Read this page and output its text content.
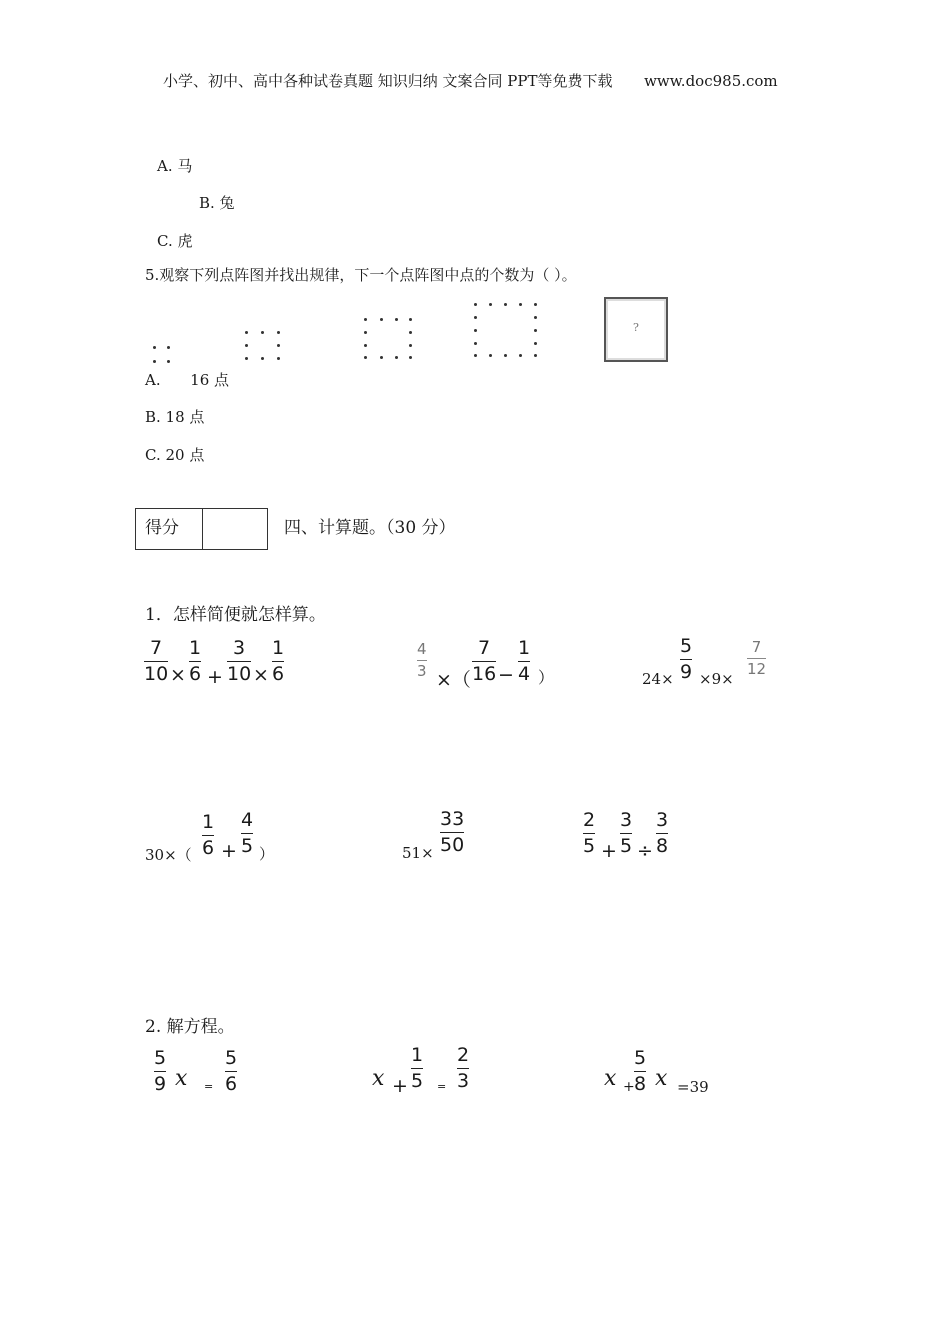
小学、初中、高中各种试卷真题 知识归纳 文案合同 PPT等免费下载 www.doc985.com
A. 马
B. 兔
C. 虎
5.观察下列点阵图并找出规律，下一个点阵图中点的个数为（ ）。
?
A. 16 点
B. 18 点
C. 20 点
得分	四、计算题。（30 分）
1．怎样简便就怎样算。
7
10 ×
1
6 +
3
10 ×
1
6
4
3 ×（
7
16 −
1
4 ）	24×
5
9 ×9×
7
12
30×（
1
6 +
4
5 ）	51×
33
50
2
5 +
3
5 ÷
3
8
2. 解方程。
5
9 x =
5
6	x +
1
5 =
2
3	x +
5
8 x =39
